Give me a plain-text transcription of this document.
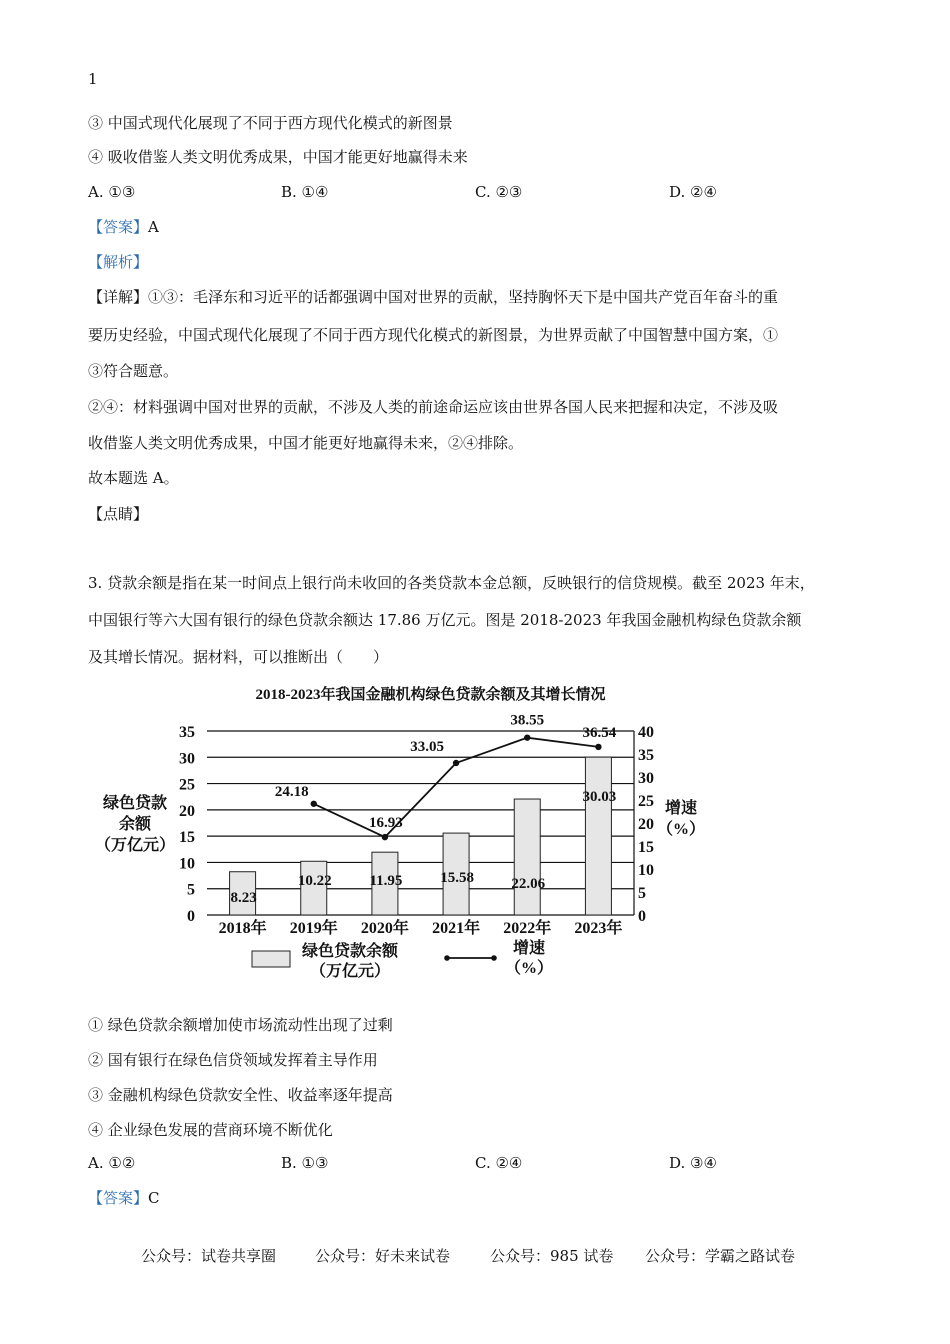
1
③ 中国式现代化展现了不同于西方现代化模式的新图景
④ 吸收借鉴人类文明优秀成果，中国才能更好地赢得未来
A. ①③	B. ①④	C. ②③	D. ②④
【答案】A
【解析】
【详解】①③：毛泽东和习近平的话都强调中国对世界的贡献，坚持胸怀天下是中国共产党百年奋斗的重
要历史经验，中国式现代化展现了不同于西方现代化模式的新图景，为世界贡献了中国智慧中国方案，①
③符合题意。
②④：材料强调中国对世界的贡献，不涉及人类的前途命运应该由世界各国人民来把握和决定，不涉及吸
收借鉴人类文明优秀成果，中国才能更好地赢得未来，②④排除。
故本题选 A。
【点睛】
3. 贷款余额是指在某一时间点上银行尚未收回的各类贷款本金总额，反映银行的信贷规模。截至 2023 年末，
中国银行等六大国有银行的绿色贷款余额达 17.86 万亿元。图是 2018-2023 年我国金融机构绿色贷款余额
及其增长情况。据材料，可以推断出（　　）
2018-2023年我国金融机构绿色贷款余额及其增长情况
0
5
10
15
20
25
30
35
0
5
10
15
20
25
30
35
40
绿色贷款
余额
（万亿元）
增速
（%）
8.23
10.22	11.95	15.58 22.06
30.03
2018年 2019年 2020年 2021年 2022年 2023年
24.18
16.93
33.05
38.55
36.54
绿色贷款余额
（万亿元）
增速
（%）
① 绿色贷款余额增加使市场流动性出现了过剩
② 国有银行在绿色信贷领域发挥着主导作用
③ 金融机构绿色贷款安全性、收益率逐年提高
④ 企业绿色发展的营商环境不断优化
A. ①②	B. ①③	C. ②④	D. ③④
【答案】C
公众号：试卷共享圈	公众号：好未来试卷	公众号：985 试卷 公众号：学霸之路试卷
